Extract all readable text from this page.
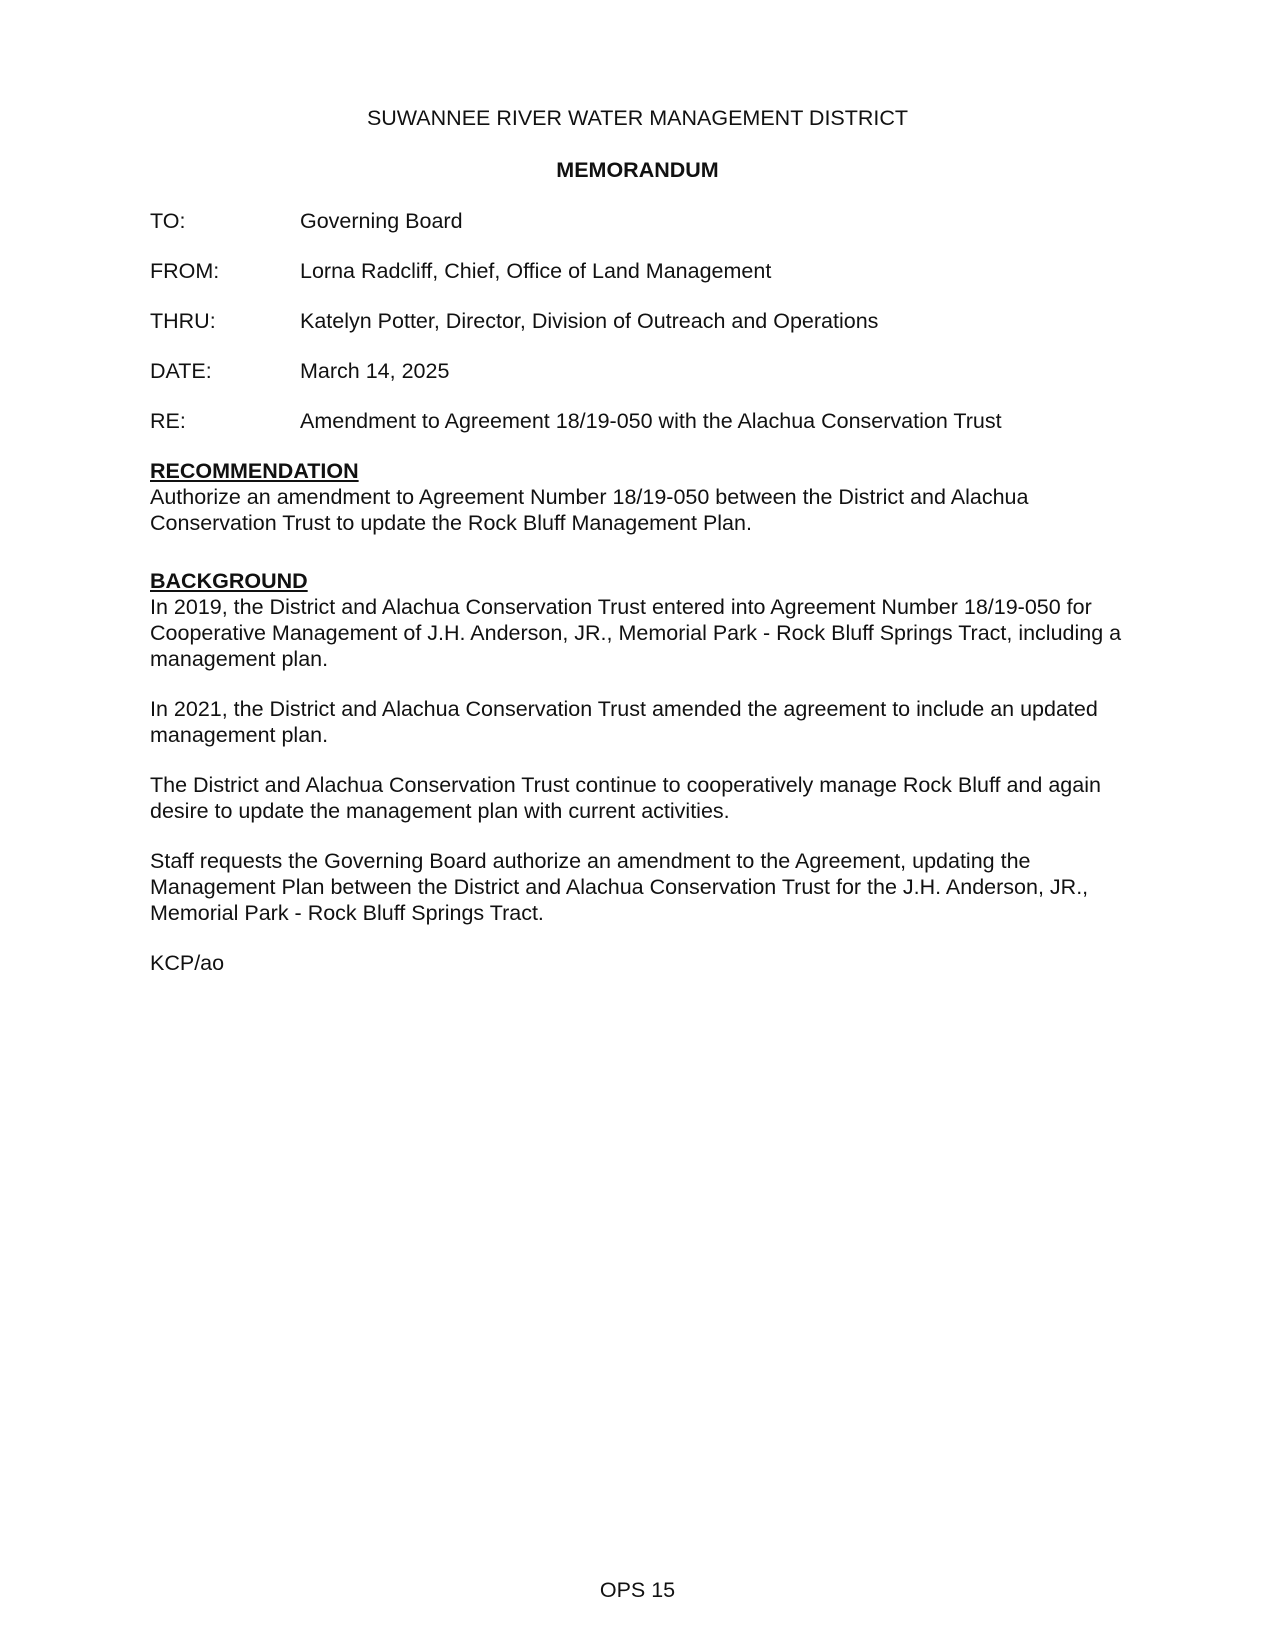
SUWANNEE RIVER WATER MANAGEMENT DISTRICT
MEMORANDUM
TO:	Governing Board
FROM:	Lorna Radcliff, Chief, Office of Land Management
THRU:	Katelyn Potter, Director, Division of Outreach and Operations
DATE:	March 14, 2025
RE:	Amendment to Agreement 18/19-050 with the Alachua Conservation Trust

RECOMMENDATION

Authorize an amendment to Agreement Number 18/19-050 between the District and Alachua Conservation Trust to update the Rock Bluff Management Plan.

BACKGROUND

In 2019, the District and Alachua Conservation Trust entered into Agreement Number 18/19-050 for Cooperative Management of J.H. Anderson, JR., Memorial Park - Rock Bluff Springs Tract, including a management plan.

In 2021, the District and Alachua Conservation Trust amended the agreement to include an updated management plan.

The District and Alachua Conservation Trust continue to cooperatively manage Rock Bluff and again desire to update the management plan with current activities.

Staff requests the Governing Board authorize an amendment to the Agreement, updating the Management Plan between the District and Alachua Conservation Trust for the J.H. Anderson, JR., Memorial Park - Rock Bluff Springs Tract.

KCP/ao

OPS 15
